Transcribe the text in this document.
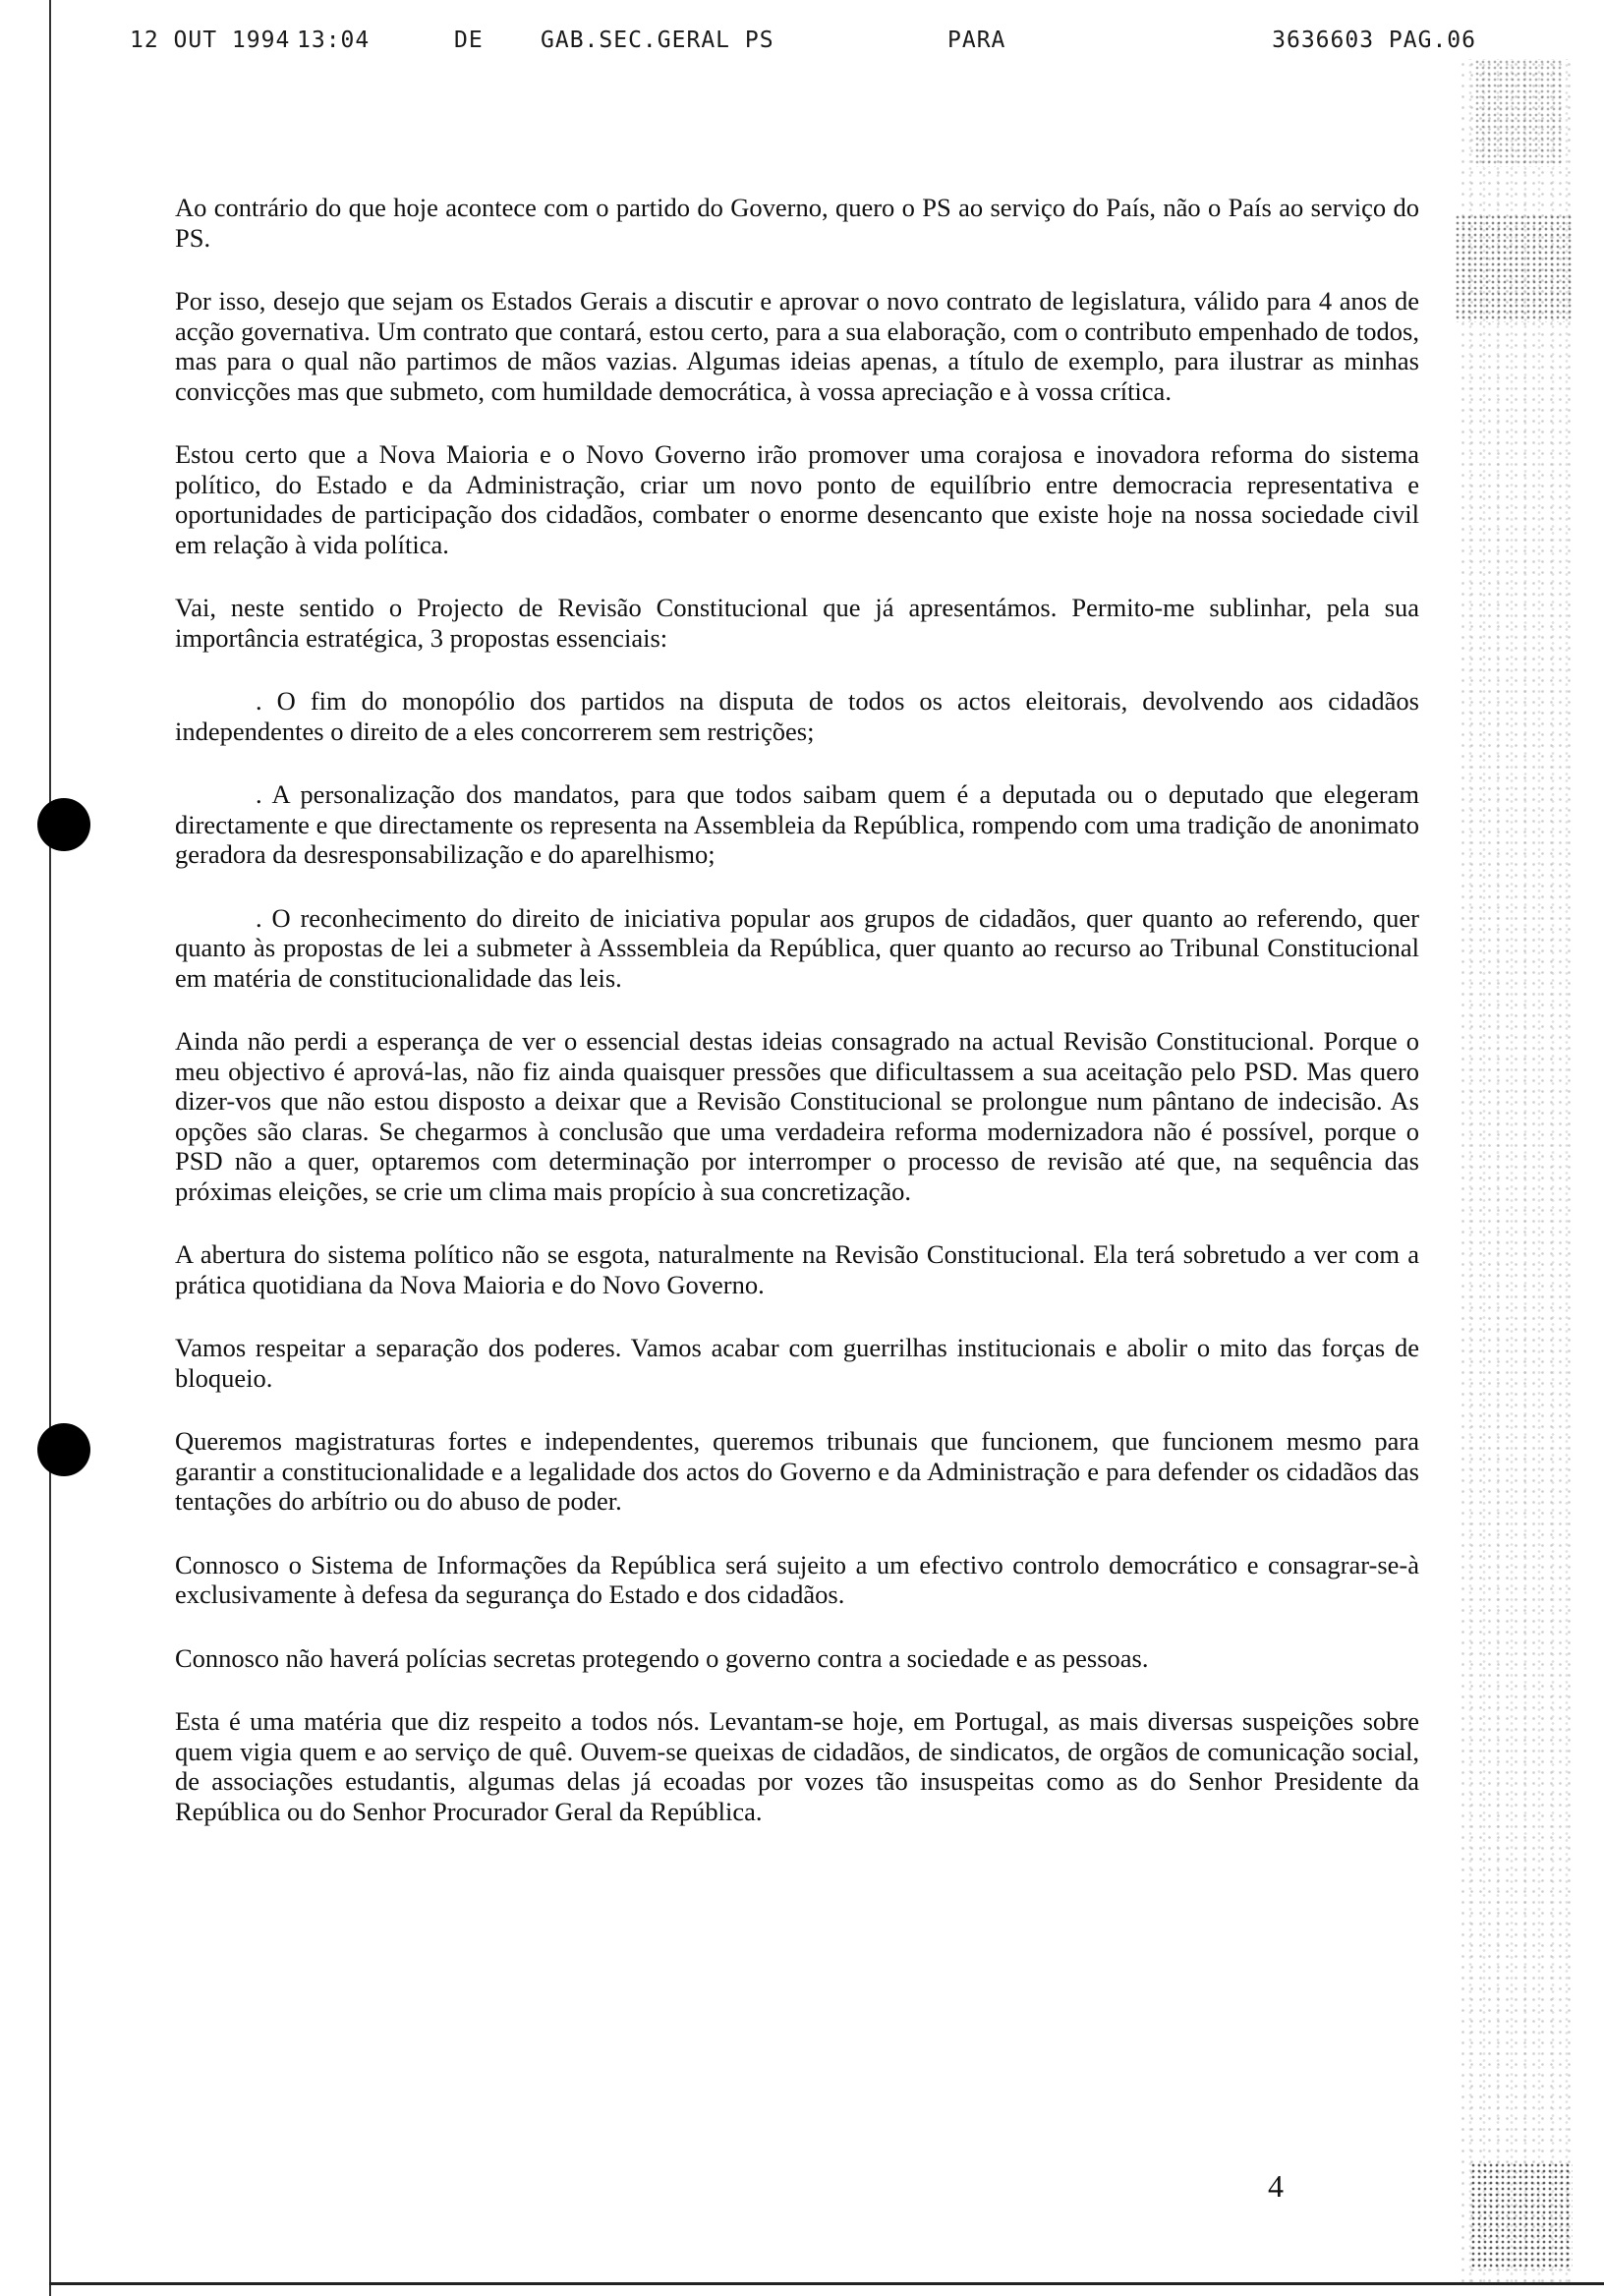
12 OUT 1994 13:04	DE	GAB.SEC.GERAL PS	PARA	3636603 PAG.06

Ao contrário do que hoje acontece com o partido do Governo, quero o PS ao serviço do País, não o País ao serviço do PS.

Por isso, desejo que sejam os Estados Gerais a discutir e aprovar o novo contrato de legislatura, válido para 4 anos de acção governativa. Um contrato que contará, estou certo, para a sua elaboração, com o contributo empenhado de todos, mas para o qual não partimos de mãos vazias. Algumas ideias apenas, a título de exemplo, para ilustrar as minhas convicções mas que submeto, com humildade democrática, à vossa apreciação e à vossa crítica.

Estou certo que a Nova Maioria e o Novo Governo irão promover uma corajosa e inovadora reforma do sistema político, do Estado e da Administração, criar um novo ponto de equilíbrio entre democracia representativa e oportunidades de participação dos cidadãos, combater o enorme desencanto que existe hoje na nossa sociedade civil em relação à vida política.

Vai, neste sentido o Projecto de Revisão Constitucional que já apresentámos. Permito-me sublinhar, pela sua importância estratégica, 3 propostas essenciais:

. O fim do monopólio dos partidos na disputa de todos os actos eleitorais, devolvendo aos cidadãos independentes o direito de a eles concorrerem sem restrições;

. A personalização dos mandatos, para que todos saibam quem é a deputada ou o deputado que elegeram directamente e que directamente os representa na Assembleia da República, rompendo com uma tradição de anonimato geradora da desresponsabilização e do aparelhismo;

. O reconhecimento do direito de iniciativa popular aos grupos de cidadãos, quer quanto ao referendo, quer quanto às propostas de lei a submeter à Asssembleia da República, quer quanto ao recurso ao Tribunal Constitucional em matéria de constitucionalidade das leis.

Ainda não perdi a esperança de ver o essencial destas ideias consagrado na actual Revisão Constitucional. Porque o meu objectivo é aprová-las, não fiz ainda quaisquer pressões que dificultassem a sua aceitação pelo PSD. Mas quero dizer-vos que não estou disposto a deixar que a Revisão Constitucional se prolongue num pântano de indecisão. As opções são claras. Se chegarmos à conclusão que uma verdadeira reforma modernizadora não é possível, porque o PSD não a quer, optaremos com determinação por interromper o processo de revisão até que, na sequência das próximas eleições, se crie um clima mais propício à sua concretização.

A abertura do sistema político não se esgota, naturalmente na Revisão Constitucional. Ela terá sobretudo a ver com a prática quotidiana da Nova Maioria e do Novo Governo.

Vamos respeitar a separação dos poderes. Vamos acabar com guerrilhas institucionais e abolir o mito das forças de bloqueio.

Queremos magistraturas fortes e independentes, queremos tribunais que funcionem, que funcionem mesmo para garantir a constitucionalidade e a legalidade dos actos do Governo e da Administração e para defender os cidadãos das tentações do arbítrio ou do abuso de poder.

Connosco o Sistema de Informações da República será sujeito a um efectivo controlo democrático e consagrar-se-à exclusivamente à defesa da segurança do Estado e dos cidadãos.

Connosco não haverá polícias secretas protegendo o governo contra a sociedade e as pessoas.

Esta é uma matéria que diz respeito a todos nós. Levantam-se hoje, em Portugal, as mais diversas suspeições sobre quem vigia quem e ao serviço de quê. Ouvem-se queixas de cidadãos, de sindicatos, de orgãos de comunicação social, de associações estudantis, algumas delas já ecoadas por vozes tão insuspeitas como as do Senhor Presidente da República ou do Senhor Procurador Geral da República.

4
